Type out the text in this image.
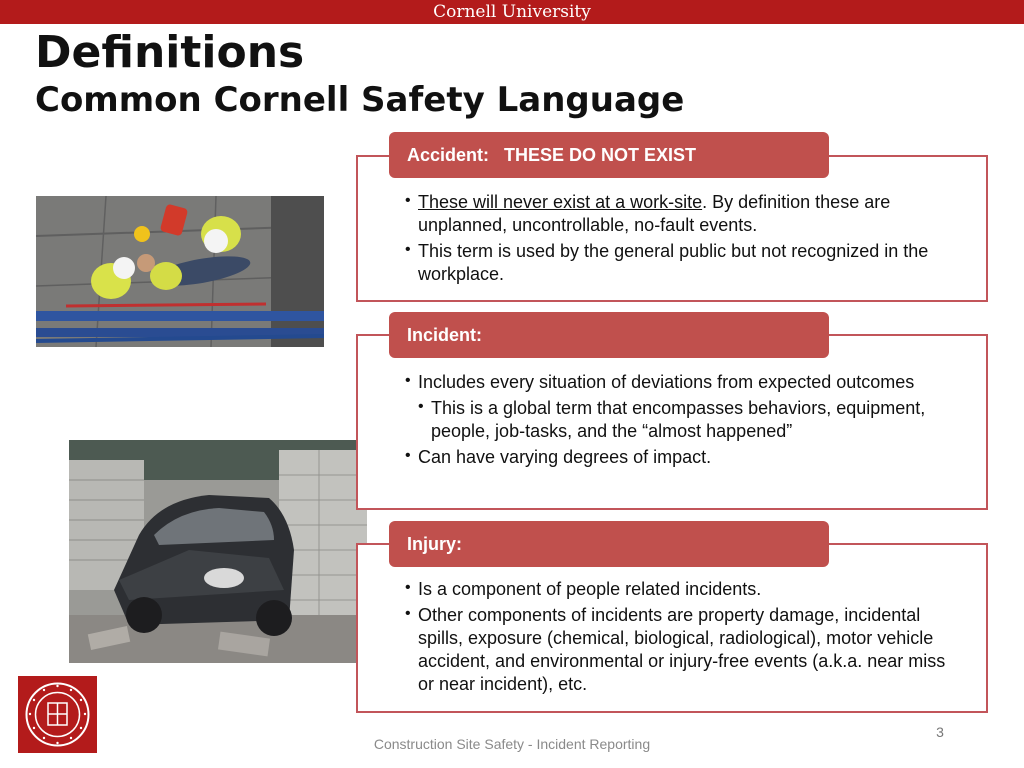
Cornell University
Definitions
Common Cornell Safety Language
Accident:   THESE DO NOT EXIST
• These will never exist at a work-site. By definition these are unplanned, uncontrollable, no-fault events.
• This term is used by the general public but not recognized in the workplace.
Incident:
• Includes every situation of deviations from expected outcomes
• This is a global term that encompasses behaviors, equipment, people, job-tasks, and the “almost happened”
• Can have varying degrees of impact.
Injury:
• Is a component of people related incidents.
• Other components of incidents are property damage, incidental spills, exposure (chemical, biological, radiological), motor vehicle accident, and environmental or injury-free events (a.k.a. near miss or near incident), etc.
3
Construction Site Safety - Incident Reporting
